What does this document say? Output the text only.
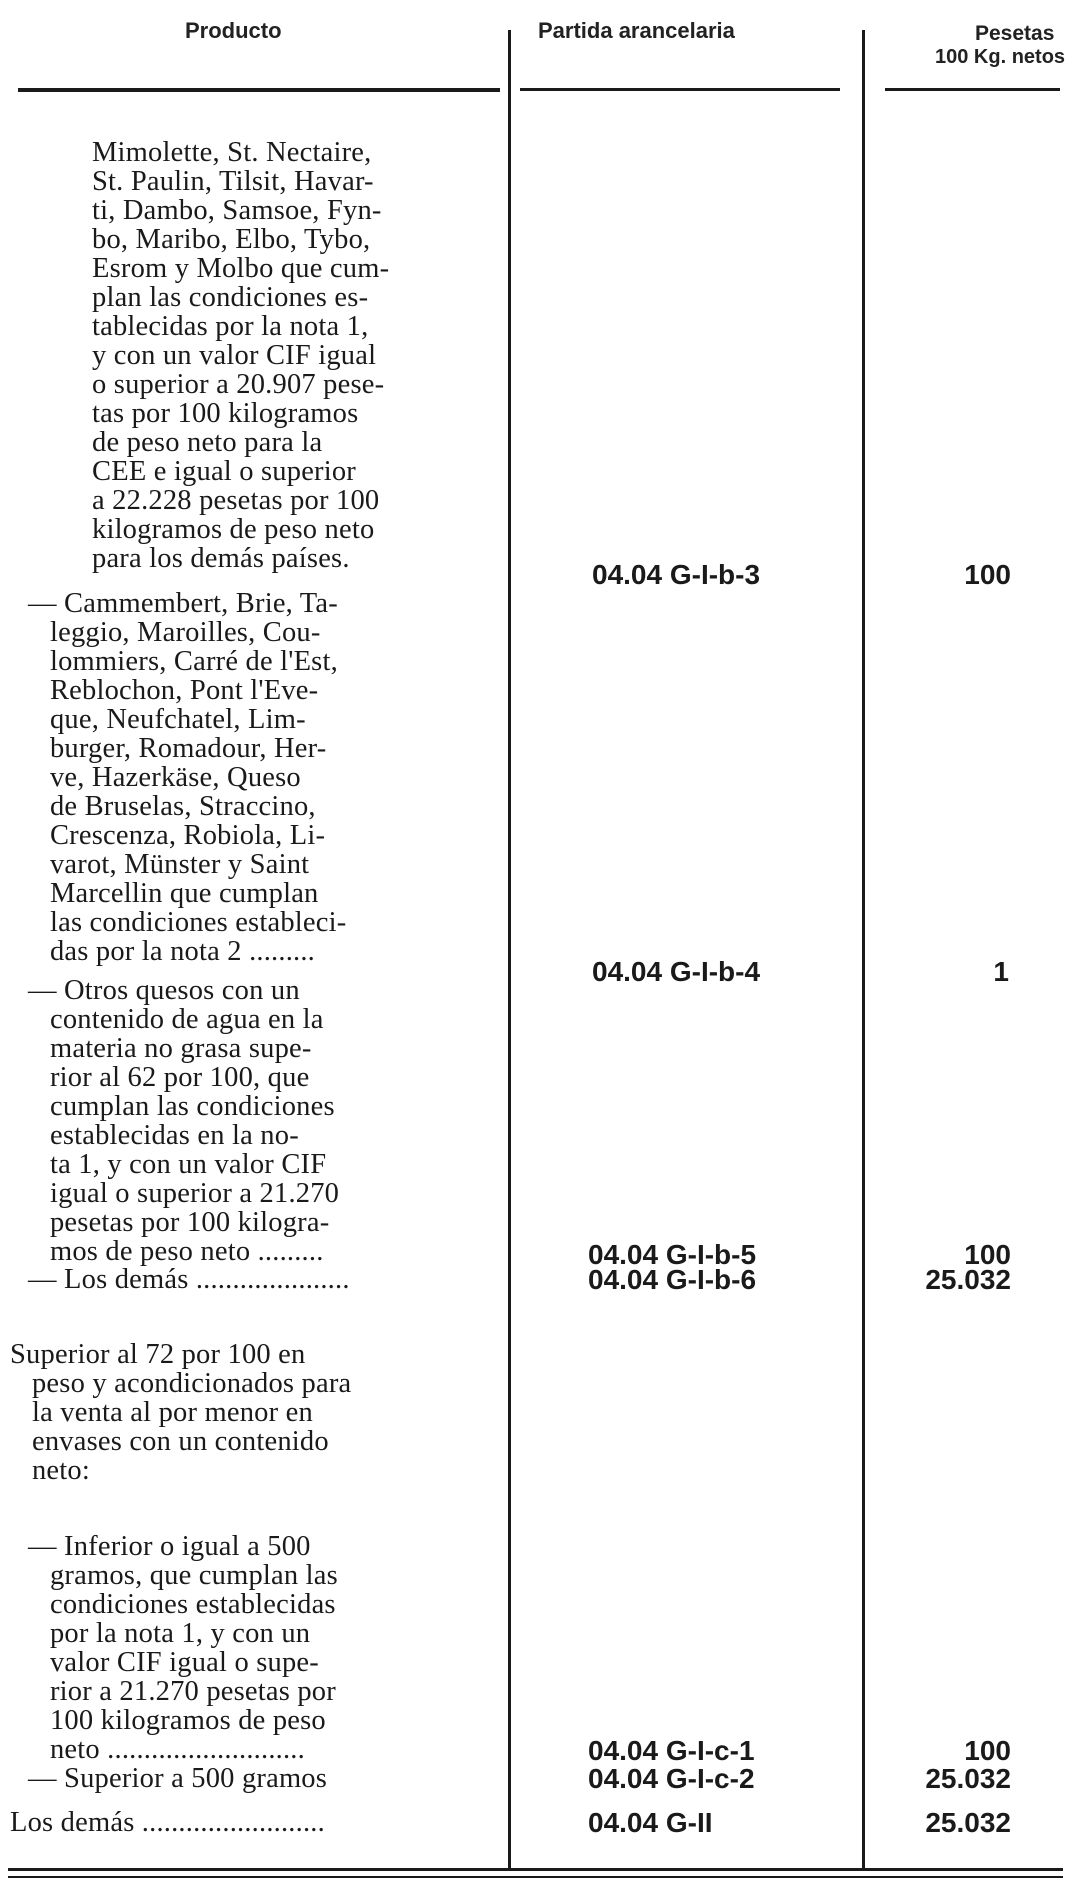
Producto	Partida arancelaria	Pesetas
100 Kg. netos
Mimolette, St. Nectaire,
St. Paulin, Tilsit, Havar-
ti, Dambo, Samsoe, Fyn-
bo, Maribo, Elbo, Tybo,
Esrom y Molbo que cum-
plan las condiciones es-
tablecidas por la nota 1,
y con un valor CIF igual
o superior a 20.907 pese-
tas por 100 kilogramos
de peso neto para la
CEE e igual o superior
a 22.228 pesetas por 100
kilogramos de peso neto
para los demás países.
04.04 G-I-b-3	100
— Cammembert, Brie, Ta-
leggio, Maroilles, Cou-
lommiers, Carré de l'Est,
Reblochon, Pont l'Eve-
que, Neufchatel, Lim-
burger, Romadour, Her-
ve, Hazerkäse, Queso
de Bruselas, Straccino,
Crescenza, Robiola, Li-
varot, Münster y Saint
Marcellin que cumplan
las condiciones estableci-
das por la nota 2 .........
04.04 G-I-b-4	1
— Otros quesos con un
contenido de agua en la
materia no grasa supe-
rior al 62 por 100, que
cumplan las condiciones
establecidas en la no-
ta 1, y con un valor CIF
igual o superior a 21.270
pesetas por 100 kilogra-
mos de peso neto .........	04.04 G-I-b-5	100
— Los demás .....................	04.04 G-I-b-6	25.032
Superior al 72 por 100 en
peso y acondicionados para
la venta al por menor en
envases con un contenido
neto:
— Inferior o igual a 500
gramos, que cumplan las
condiciones establecidas
por la nota 1, y con un
valor CIF igual o supe-
rior a 21.270 pesetas por
100 kilogramos de peso
neto ...........................	04.04 G-I-c-1	100
— Superior a 500 gramos	04.04 G-I-c-2	25.032
Los demás .........................	04.04 G-II	25.032
